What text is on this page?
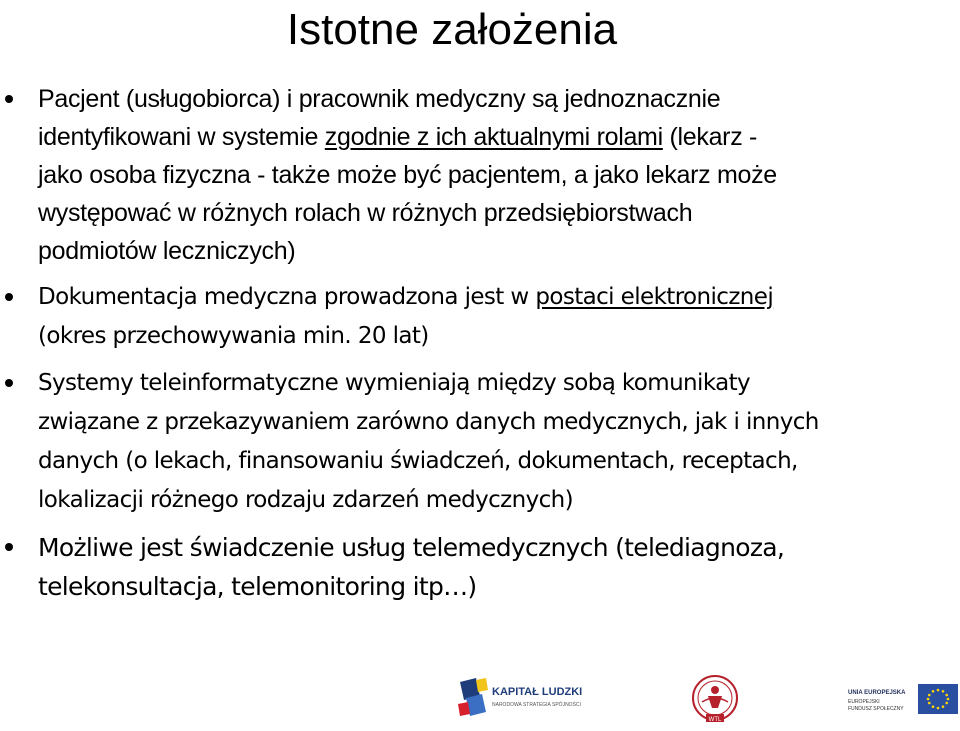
Istotne założenia
Pacjent (usługobiorca) i pracownik medyczny są jednoznacznie
identyfikowani w systemie zgodnie z ich aktualnymi rolami (lekarz -
jako osoba fizyczna - także może być pacjentem, a jako lekarz może
występować w różnych rolach w różnych przedsiębiorstwach
podmiotów leczniczych)
Dokumentacja medyczna prowadzona jest w postaci elektronicznej
(okres przechowywania min. 20 lat)
Systemy teleinformatyczne wymieniają między sobą komunikaty
związane z przekazywaniem zarówno danych medycznych, jak i innych
danych (o lekach, finansowaniu świadczeń, dokumentach, receptach,
lokalizacji różnego rodzaju zdarzeń medycznych)
Możliwe jest świadczenie usług telemedycznych (telediagnoza,
telekonsultacja, telemonitoring itp…)
KAPITAŁ LUDZKI
NARODOWA STRATEGIA SPÓJNOŚCI
WTL
UNIA EUROPEJSKA
EUROPEJSKI
FUNDUSZ SPOŁECZNY
